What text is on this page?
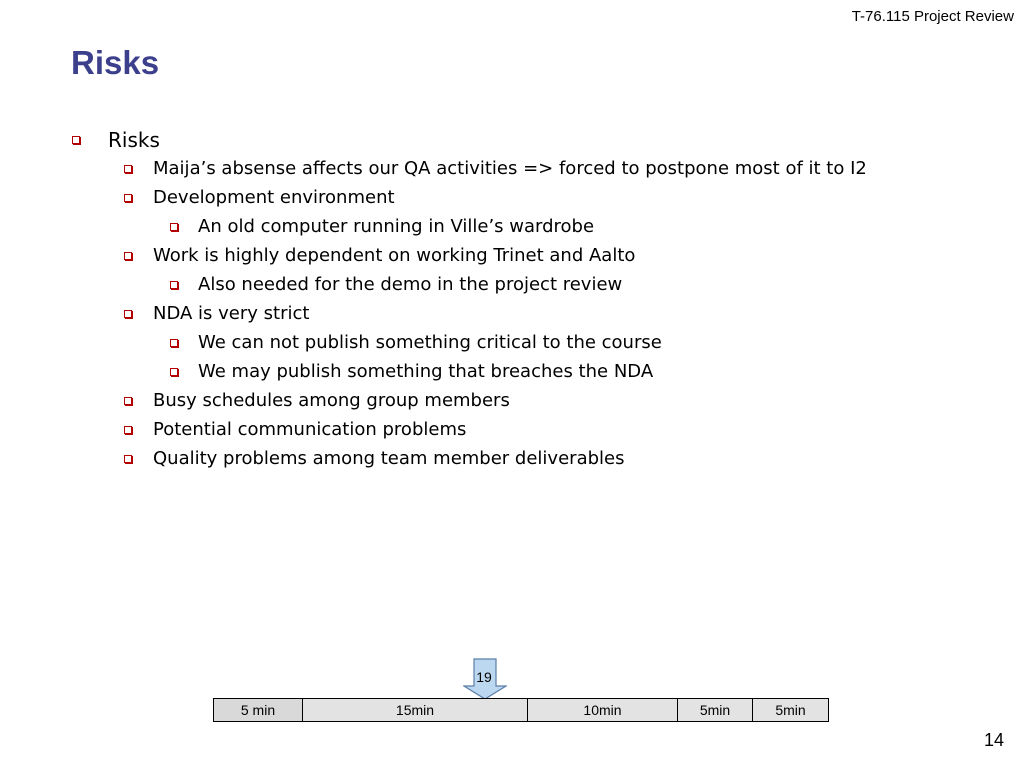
T-76.115 Project Review
Risks
Risks
Maija’s absense affects our QA activities => forced to postpone most of it to I2
Development environment
An old computer running in Ville’s wardrobe
Work is highly dependent on working Trinet and Aalto
Also needed for the demo in the project review
NDA is very strict
We can not publish something critical to the course
We may publish something that breaches the NDA
Busy schedules among group members
Potential communication problems
Quality problems among team member deliverables
19
5 min	15min	10min	5min	5min
14
